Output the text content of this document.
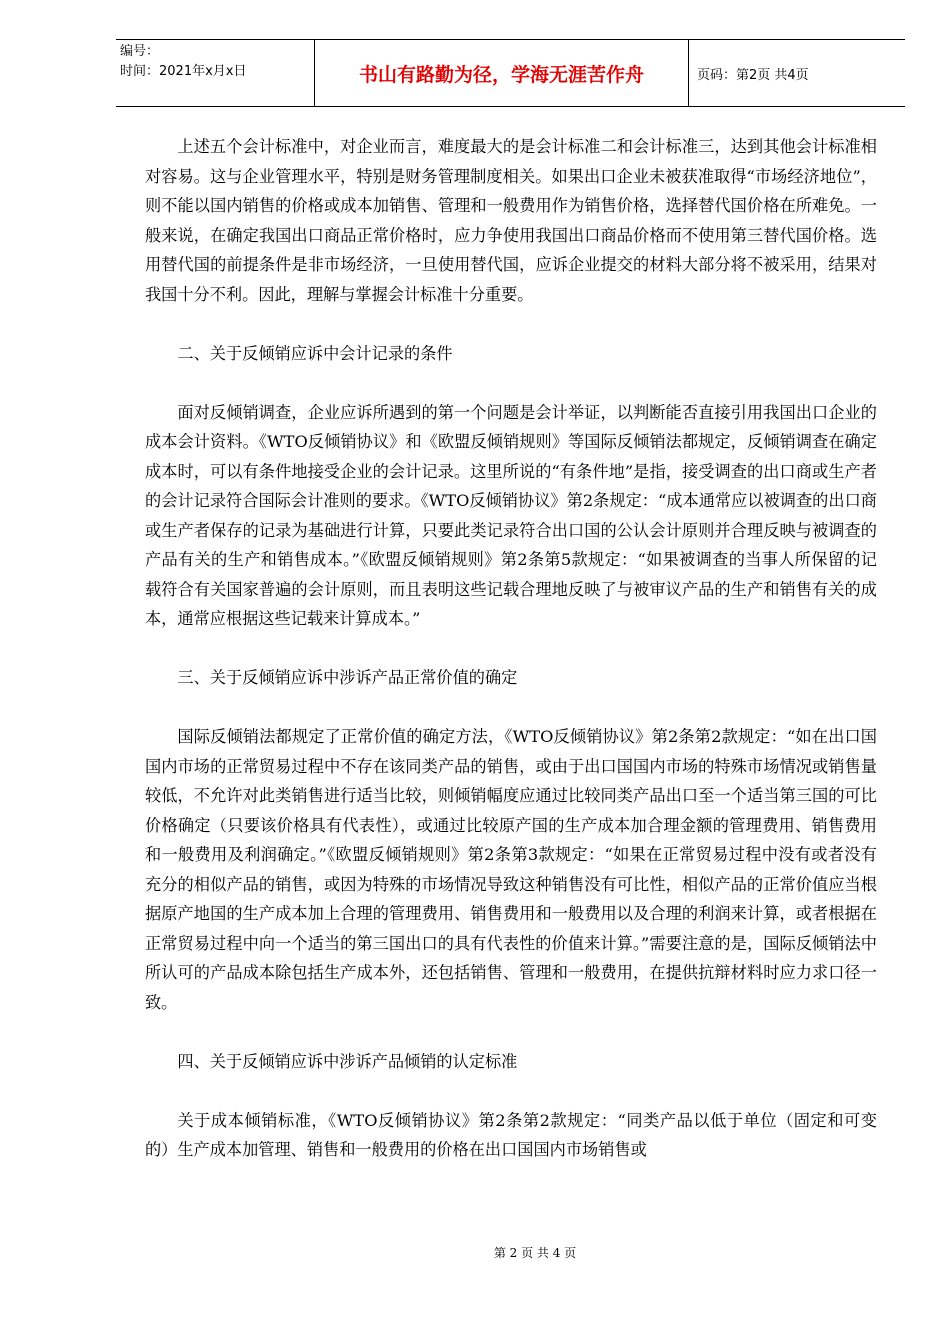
编号：
时间：2021年x月x日	书山有路勤为径，学海无涯苦作舟	页码：第2页 共4页

上述五个会计标准中，对企业而言，难度最大的是会计标准二和会计标准三，达到其他会计标准相对容易。这与企业管理水平，特别是财务管理制度相关。如果出口企业未被获准取得“市场经济地位”，则不能以国内销售的价格或成本加销售、管理和一般费用作为销售价格，选择替代国价格在所难免。一般来说，在确定我国出口商品正常价格时，应力争使用我国出口商品价格而不使用第三替代国价格。选用替代国的前提条件是非市场经济，一旦使用替代国，应诉企业提交的材料大部分将不被采用，结果对我国十分不利。因此，理解与掌握会计标准十分重要。

二、关于反倾销应诉中会计记录的条件

面对反倾销调查，企业应诉所遇到的第一个问题是会计举证，以判断能否直接引用我国出口企业的成本会计资料。《WTO反倾销协议》和《欧盟反倾销规则》等国际反倾销法都规定，反倾销调查在确定成本时，可以有条件地接受企业的会计记录。这里所说的“有条件地”是指，接受调查的出口商或生产者的会计记录符合国际会计准则的要求。《WTO反倾销协议》第2条规定：“成本通常应以被调查的出口商或生产者保存的记录为基础进行计算，只要此类记录符合出口国的公认会计原则并合理反映与被调查的产品有关的生产和销售成本。”《欧盟反倾销规则》第2条第5款规定：“如果被调查的当事人所保留的记载符合有关国家普遍的会计原则，而且表明这些记载合理地反映了与被审议产品的生产和销售有关的成本，通常应根据这些记载来计算成本。”

三、关于反倾销应诉中涉诉产品正常价值的确定

国际反倾销法都规定了正常价值的确定方法，《WTO反倾销协议》第2条第2款规定：“如在出口国国内市场的正常贸易过程中不存在该同类产品的销售，或由于出口国国内市场的特殊市场情况或销售量较低，不允许对此类销售进行适当比较，则倾销幅度应通过比较同类产品出口至一个适当第三国的可比价格确定（只要该价格具有代表性），或通过比较原产国的生产成本加合理金额的管理费用、销售费用和一般费用及利润确定。”《欧盟反倾销规则》第2条第3款规定：“如果在正常贸易过程中没有或者没有充分的相似产品的销售，或因为特殊的市场情况导致这种销售没有可比性，相似产品的正常价值应当根据原产地国的生产成本加上合理的管理费用、销售费用和一般费用以及合理的利润来计算，或者根据在正常贸易过程中向一个适当的第三国出口的具有代表性的价值来计算。”需要注意的是，国际反倾销法中所认可的产品成本除包括生产成本外，还包括销售、管理和一般费用，在提供抗辩材料时应力求口径一致。

四、关于反倾销应诉中涉诉产品倾销的认定标准

关于成本倾销标准，《WTO反倾销协议》第2条第2款规定：“同类产品以低于单位（固定和可变的）生产成本加管理、销售和一般费用的价格在出口国国内市场销售或

第 2 页 共 4 页
